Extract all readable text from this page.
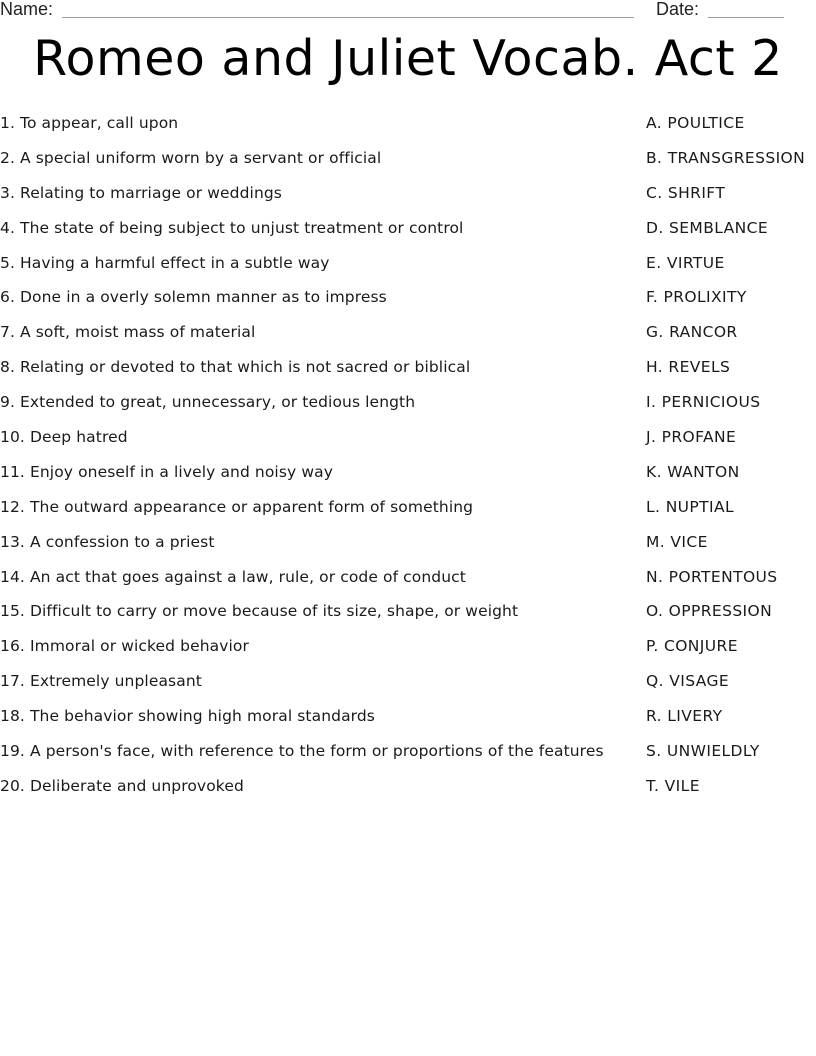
Name:	Date:
Romeo and Juliet Vocab. Act 2
1. To appear, call upon
2. A special uniform worn by a servant or official
3. Relating to marriage or weddings
4. The state of being subject to unjust treatment or control
5. Having a harmful effect in a subtle way
6. Done in a overly solemn manner as to impress
7. A soft, moist mass of material
8. Relating or devoted to that which is not sacred or biblical
9. Extended to great, unnecessary, or tedious length
10. Deep hatred
11. Enjoy oneself in a lively and noisy way
12. The outward appearance or apparent form of something
13. A confession to a priest
14. An act that goes against a law, rule, or code of conduct
15. Difficult to carry or move because of its size, shape, or weight
16. Immoral or wicked behavior
17. Extremely unpleasant
18. The behavior showing high moral standards
19. A person's face, with reference to the form or proportions of the features
20. Deliberate and unprovoked
A. POULTICE
B. TRANSGRESSION
C. SHRIFT
D. SEMBLANCE
E. VIRTUE
F. PROLIXITY
G. RANCOR
H. REVELS
I. PERNICIOUS
J. PROFANE
K. WANTON
L. NUPTIAL
M. VICE
N. PORTENTOUS
O. OPPRESSION
P. CONJURE
Q. VISAGE
R. LIVERY
S. UNWIELDLY
T. VILE
